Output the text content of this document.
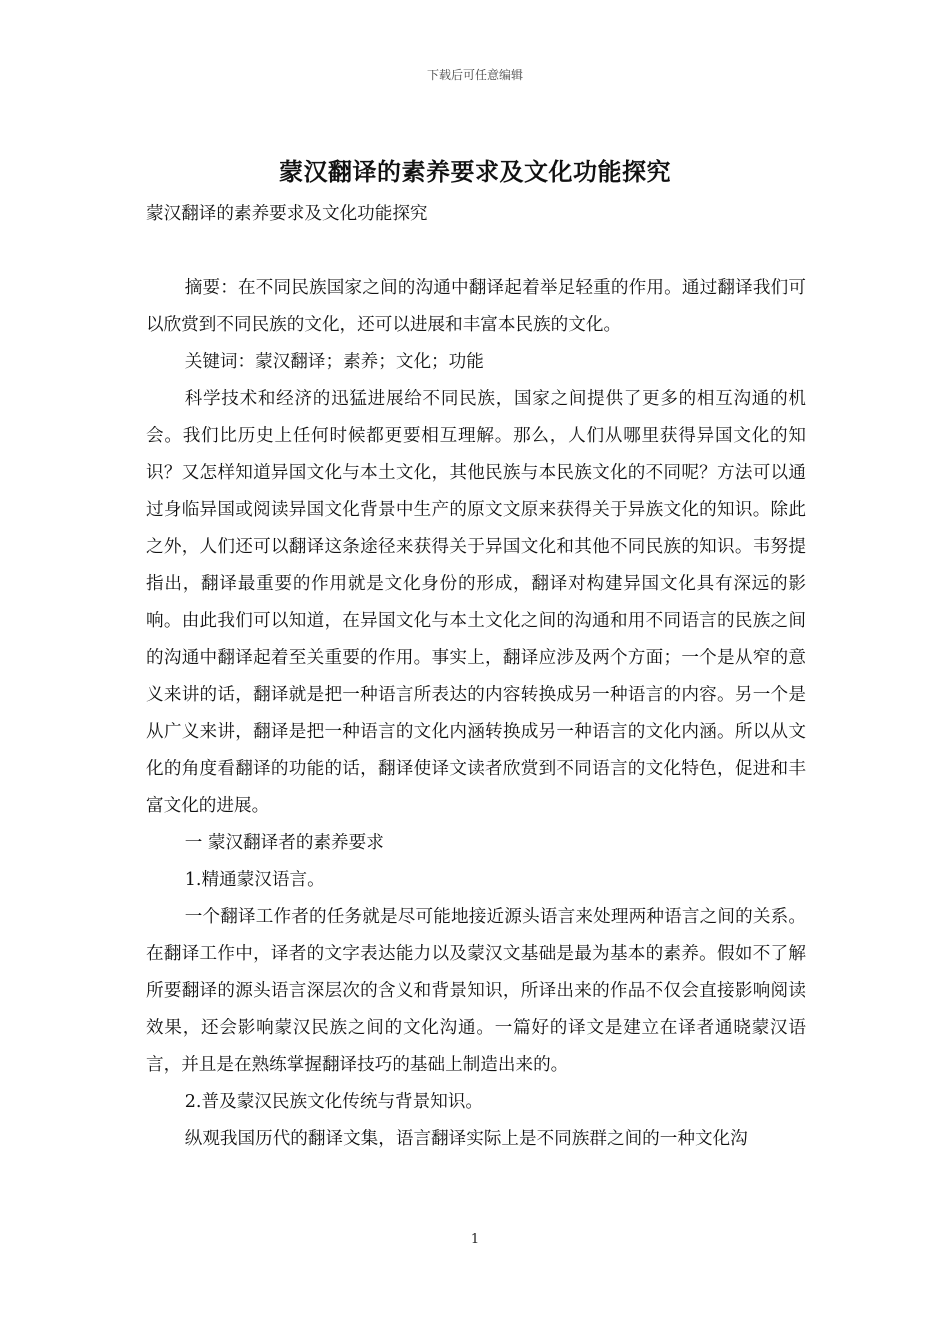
下载后可任意编辑
蒙汉翻译的素养要求及文化功能探究

蒙汉翻译的素养要求及文化功能探究

摘要：在不同民族国家之间的沟通中翻译起着举足轻重的作用。通过翻译我们可以欣赏到不同民族的文化，还可以进展和丰富本民族的文化。

关键词：蒙汉翻译；素养；文化；功能

科学技术和经济的迅猛进展给不同民族，国家之间提供了更多的相互沟通的机会。我们比历史上任何时候都更要相互理解。那么，人们从哪里获得异国文化的知识？又怎样知道异国文化与本土文化，其他民族与本民族文化的不同呢？方法可以通过身临异国或阅读异国文化背景中生产的原文文原来获得关于异族文化的知识。除此之外，人们还可以翻译这条途径来获得关于异国文化和其他不同民族的知识。韦努提指出，翻译最重要的作用就是文化身份的形成，翻译对构建异国文化具有深远的影响。由此我们可以知道，在异国文化与本土文化之间的沟通和用不同语言的民族之间的沟通中翻译起着至关重要的作用。事实上，翻译应涉及两个方面；一个是从窄的意义来讲的话，翻译就是把一种语言所表达的内容转换成另一种语言的内容。另一个是从广义来讲，翻译是把一种语言的文化内涵转换成另一种语言的文化内涵。所以从文化的角度看翻译的功能的话，翻译使译文读者欣赏到不同语言的文化特色，促进和丰富文化的进展。

一 蒙汉翻译者的素养要求

1.精通蒙汉语言。

一个翻译工作者的任务就是尽可能地接近源头语言来处理两种语言之间的关系。在翻译工作中，译者的文字表达能力以及蒙汉文基础是最为基本的素养。假如不了解所要翻译的源头语言深层次的含义和背景知识，所译出来的作品不仅会直接影响阅读效果，还会影响蒙汉民族之间的文化沟通。一篇好的译文是建立在译者通晓蒙汉语言，并且是在熟练掌握翻译技巧的基础上制造出来的。

2.普及蒙汉民族文化传统与背景知识。

纵观我国历代的翻译文集，语言翻译实际上是不同族群之间的一种文化沟

1
